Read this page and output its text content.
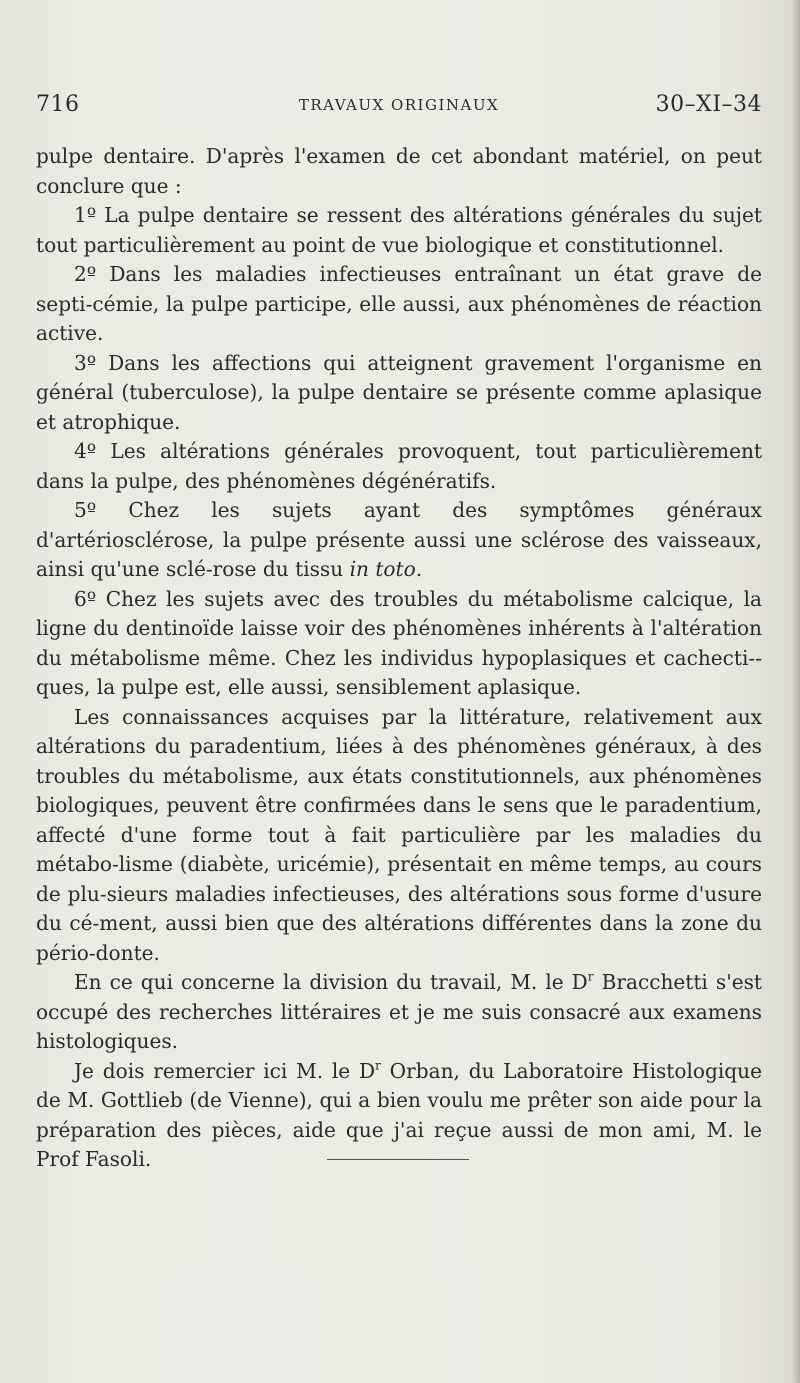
716	TRAVAUX ORIGINAUX	30–XI–34

pulpe dentaire. D'après l'examen de cet abondant matériel, on peut conclure que :

1º La pulpe dentaire se ressent des altérations générales du sujet tout particulièrement au point de vue biologique et constitutionnel.

2º Dans les maladies infectieuses entraînant un état grave de septi-cémie, la pulpe participe, elle aussi, aux phénomènes de réaction active.

3º Dans les affections qui atteignent gravement l'organisme en général (tuberculose), la pulpe dentaire se présente comme aplasique et atrophique.

4º Les altérations générales provoquent, tout particulièrement dans la pulpe, des phénomènes dégénératifs.

5º Chez les sujets ayant des symptômes généraux d'artériosclérose, la pulpe présente aussi une sclérose des vaisseaux, ainsi qu'une sclé-rose du tissu in toto.

6º Chez les sujets avec des troubles du métabolisme calcique, la ligne du dentinoïde laisse voir des phénomènes inhérents à l'altération du métabolisme même. Chez les individus hypoplasiques et cachecti-ques, la pulpe est, elle aussi, sensiblement aplasique.

Les connaissances acquises par la littérature, relativement aux altérations du paradentium, liées à des phénomènes généraux, à des troubles du métabolisme, aux états constitutionnels, aux phénomènes biologiques, peuvent être confirmées dans le sens que le paradentium, affecté d'une forme tout à fait particulière par les maladies du métabo-lisme (diabète, uricémie), présentait en même temps, au cours de plu-sieurs maladies infectieuses, des altérations sous forme d'usure du cé-ment, aussi bien que des altérations différentes dans la zone du pério-donte.

En ce qui concerne la division du travail, M. le $D^r$ Bracchetti s'est occupé des recherches littéraires et je me suis consacré aux examens histologiques.

Je dois remercier ici M. le $D^r$ Orban, du Laboratoire Histologique de M. Gottlieb (de Vienne), qui a bien voulu me prêter son aide pour la préparation des pièces, aide que j'ai reçue aussi de mon ami, M. le Prof Fasoli.
